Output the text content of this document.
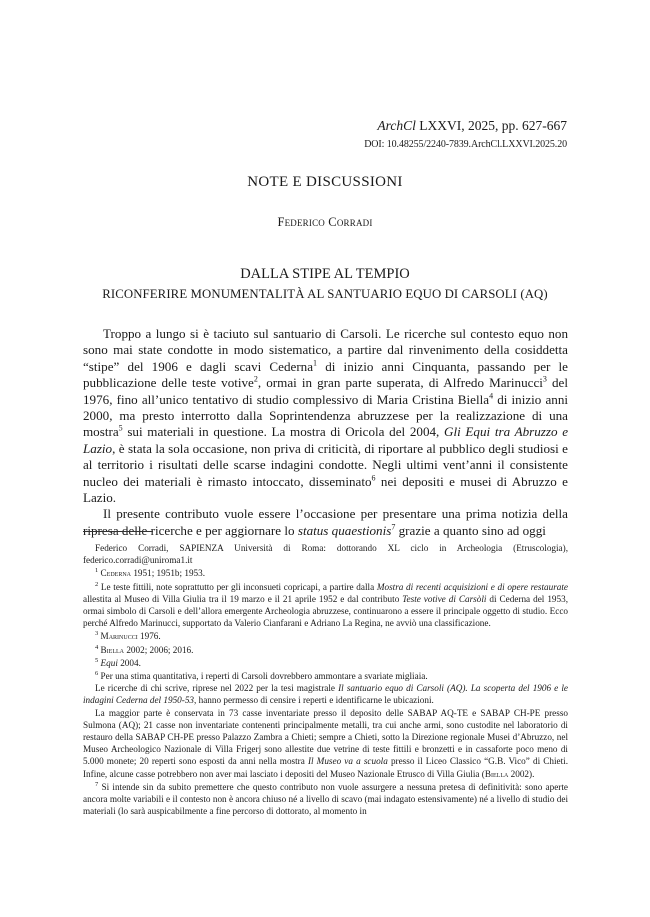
ArchCl LXXVI, 2025, pp. 627-667
DOI: 10.48255/2240-7839.ArchCl.LXXVI.2025.20
NOTE E DISCUSSIONI
Federico Corradi
DALLA STIPE AL TEMPIO
RICONFERIRE MONUMENTALITÀ AL SANTUARIO EQUO DI CARSOLI (AQ)

Troppo a lungo si è taciuto sul santuario di Carsoli. Le ricerche sul contesto equo non sono mai state condotte in modo sistematico, a partire dal rinvenimento della cosiddetta “stipe” del 1906 e dagli scavi Cederna$^1$ di inizio anni Cinquanta, passando per le pubblicazione delle teste votive$^2$, ormai in gran parte superata, di Alfredo Marinucci$^3$ del 1976, fino all’unico tentativo di studio complessivo di Maria Cristina Biella$^4$ di inizio anni 2000, ma presto interrotto dalla Soprintendenza abruzzese per la realizzazione di una mostra$^5$ sui materiali in questione. La mostra di Oricola del 2004, Gli Equi tra Abruzzo e Lazio, è stata la sola occasione, non priva di criticità, di riportare al pubblico degli studiosi e al territorio i risultati delle scarse indagini condotte. Negli ultimi vent’anni il consistente nucleo dei materiali è rimasto intoccato, disseminato$^6$ nei depositi e musei di Abruzzo e Lazio.

Il presente contributo vuole essere l’occasione per presentare una prima notizia della ripresa delle ricerche e per aggiornare lo status quaestionis$^7$ grazie a quanto sino ad oggi

Federico Corradi, SAPIENZA Università di Roma: dottorando XL ciclo in Archeologia (Etruscologia), federico.corradi@uniroma1.it

$^1$ Cederna 1951; 1951b; 1953.

$^2$ Le teste fittili, note soprattutto per gli inconsueti copricapi, a partire dalla Mostra di recenti acquisizioni e di opere restaurate allestita al Museo di Villa Giulia tra il 19 marzo e il 21 aprile 1952 e dal contributo Teste votive di Carsòli di Cederna del 1953, ormai simbolo di Carsoli e dell’allora emergente Archeologia abruzzese, continuarono a essere il principale oggetto di studio. Ecco perché Alfredo Marinucci, supportato da Valerio Cianfarani e Adriano La Regina, ne avviò una classificazione.

$^3$ Marinucci 1976.

$^4$ Biella 2002; 2006; 2016.

$^5$ Equi 2004.

$^6$ Per una stima quantitativa, i reperti di Carsoli dovrebbero ammontare a svariate migliaia.

Le ricerche di chi scrive, riprese nel 2022 per la tesi magistrale Il santuario equo di Carsoli (AQ). La scoperta del 1906 e le indagini Cederna del 1950-53, hanno permesso di censire i reperti e identificarne le ubicazioni.

La maggior parte è conservata in 73 casse inventariate presso il deposito delle SABAP AQ-TE e SABAP CH-PE presso Sulmona (AQ); 21 casse non inventariate contenenti principalmente metalli, tra cui anche armi, sono custodite nel laboratorio di restauro della SABAP CH-PE presso Palazzo Zambra a Chieti; sempre a Chieti, sotto la Direzione regionale Musei d’Abruzzo, nel Museo Archeologico Nazionale di Villa Frigerj sono allestite due vetrine di teste fittili e bronzetti e in cassaforte poco meno di 5.000 monete; 20 reperti sono esposti da anni nella mostra Il Museo va a scuola presso il Liceo Classico “G.B. Vico” di Chieti. Infine, alcune casse potrebbero non aver mai lasciato i depositi del Museo Nazionale Etrusco di Villa Giulia (Biella 2002).

$^7$ Si intende sin da subito premettere che questo contributo non vuole assurgere a nessuna pretesa di definitività: sono aperte ancora molte variabili e il contesto non è ancora chiuso né a livello di scavo (mai indagato estensivamente) né a livello di studio dei materiali (lo sarà auspicabilmente a fine percorso di dottorato, al momento in
